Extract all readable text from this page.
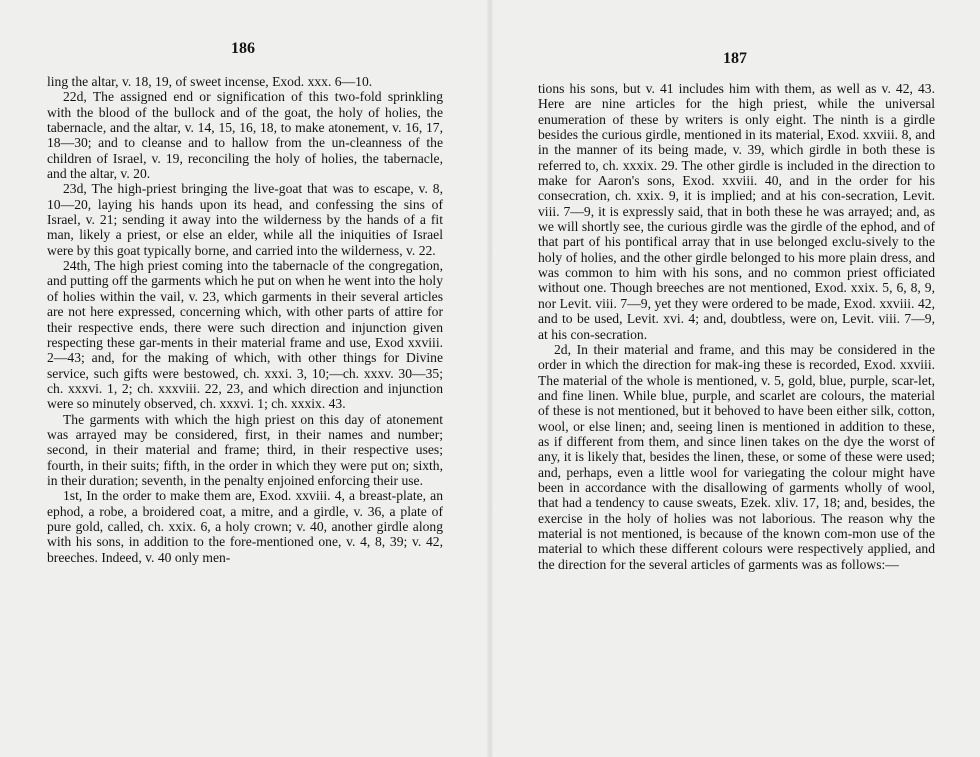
186

ling the altar, v. 18, 19, of sweet incense, Exod. xxx. 6—10.

22d, The assigned end or signification of this two-fold sprinkling with the blood of the bullock and of the goat, the holy of holies, the tabernacle, and the altar, v. 14, 15, 16, 18, to make atonement, v. 16, 17, 18—30; and to cleanse and to hallow from the un-cleanness of the children of Israel, v. 19, reconciling the holy of holies, the tabernacle, and the altar, v. 20.

23d, The high-priest bringing the live-goat that was to escape, v. 8, 10—20, laying his hands upon its head, and confessing the sins of Israel, v. 21; sending it away into the wilderness by the hands of a fit man, likely a priest, or else an elder, while all the iniquities of Israel were by this goat typically borne, and carried into the wilderness, v. 22.

24th, The high priest coming into the tabernacle of the congregation, and putting off the garments which he put on when he went into the holy of holies within the vail, v. 23, which garments in their several articles are not here expressed, concerning which, with other parts of attire for their respective ends, there were such direction and injunction given respecting these gar-ments in their material frame and use, Exod xxviii. 2—43; and, for the making of which, with other things for Divine service, such gifts were bestowed, ch. xxxi. 3, 10;—ch. xxxv. 30—35; ch. xxxvi. 1, 2; ch. xxxviii. 22, 23, and which direction and injunction were so minutely observed, ch. xxxvi. 1; ch. xxxix. 43.

The garments with which the high priest on this day of atonement was arrayed may be considered, first, in their names and number; second, in their material and frame; third, in their respective uses; fourth, in their suits; fifth, in the order in which they were put on; sixth, in their duration; seventh, in the penalty enjoined enforcing their use.

1st, In the order to make them are, Exod. xxviii. 4, a breast-plate, an ephod, a robe, a broidered coat, a mitre, and a girdle, v. 36, a plate of pure gold, called, ch. xxix. 6, a holy crown; v. 40, another girdle along with his sons, in addition to the fore-mentioned one, v. 4, 8, 39; v. 42, breeches. Indeed, v. 40 only men-

187

tions his sons, but v. 41 includes him with them, as well as v. 42, 43. Here are nine articles for the high priest, while the universal enumeration of these by writers is only eight. The ninth is a girdle besides the curious girdle, mentioned in its material, Exod. xxviii. 8, and in the manner of its being made, v. 39, which girdle in both these is referred to, ch. xxxix. 29. The other girdle is included in the direction to make for Aaron's sons, Exod. xxviii. 40, and in the order for his consecration, ch. xxix. 9, it is implied; and at his con-secration, Levit. viii. 7—9, it is expressly said, that in both these he was arrayed; and, as we will shortly see, the curious girdle was the girdle of the ephod, and of that part of his pontifical array that in use belonged exclu-sively to the holy of holies, and the other girdle belonged to his more plain dress, and was common to him with his sons, and no common priest officiated without one. Though breeches are not mentioned, Exod. xxix. 5, 6, 8, 9, nor Levit. viii. 7—9, yet they were ordered to be made, Exod. xxviii. 42, and to be used, Levit. xvi. 4; and, doubtless, were on, Levit. viii. 7—9, at his con-secration.

2d, In their material and frame, and this may be considered in the order in which the direction for mak-ing these is recorded, Exod. xxviii. The material of the whole is mentioned, v. 5, gold, blue, purple, scar-let, and fine linen. While blue, purple, and scarlet are colours, the material of these is not mentioned, but it behoved to have been either silk, cotton, wool, or else linen; and, seeing linen is mentioned in addition to these, as if different from them, and since linen takes on the dye the worst of any, it is likely that, besides the linen, these, or some of these were used; and, perhaps, even a little wool for variegating the colour might have been in accordance with the disallowing of garments wholly of wool, that had a tendency to cause sweats, Ezek. xliv. 17, 18; and, besides, the exercise in the holy of holies was not laborious. The reason why the material is not mentioned, is because of the known com-mon use of the material to which these different colours were respectively applied, and the direction for the several articles of garments was as follows:—
